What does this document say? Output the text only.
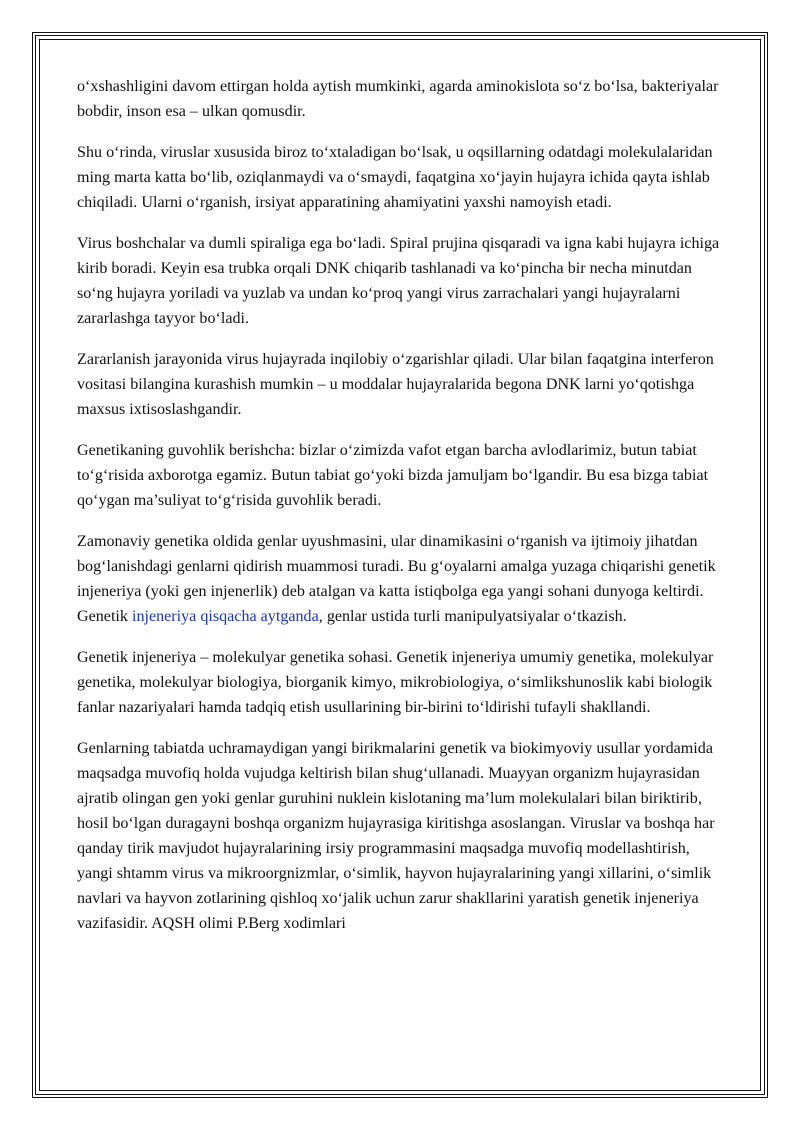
o‘xshashligini davom ettirgan holda aytish mumkinki, agarda aminokislota so‘z bo‘lsa, bakteriyalar bobdir, inson esa – ulkan qomusdir.

Shu o‘rinda, viruslar xususida biroz to‘xtaladigan bo‘lsak, u oqsillarning odatdagi molekulalaridan ming marta katta bo‘lib, oziqlanmaydi va o‘smaydi, faqatgina xo‘jayin hujayra ichida qayta ishlab chiqiladi. Ularni o‘rganish, irsiyat apparatining ahamiyatini yaxshi namoyish etadi.

Virus boshchalar va dumli spiraliga ega bo‘ladi. Spiral prujina qisqaradi va igna kabi hujayra ichiga kirib boradi. Keyin esa trubka orqali DNK chiqarib tashlanadi va ko‘pincha bir necha minutdan so‘ng hujayra yoriladi va yuzlab va undan ko‘proq yangi virus zarrachalari yangi hujayralarni zararlashga tayyor bo‘ladi.

Zararlanish jarayonida virus hujayrada inqilobiy o‘zgarishlar qiladi. Ular bilan faqatgina interferon vositasi bilangina kurashish mumkin – u moddalar hujayralarida begona DNK larni yo‘qotishga maxsus ixtisoslashgandir.

Genetikaning guvohlik berishcha: bizlar o‘zimizda vafot etgan barcha avlodlarimiz, butun tabiat to‘g‘risida axborotga egamiz. Butun tabiat go‘yoki bizda jamuljam bo‘lgandir. Bu esa bizga tabiat qo‘ygan ma’suliyat to‘g‘risida guvohlik beradi.

Zamonaviy genetika oldida genlar uyushmasini, ular dinamikasini o‘rganish va ijtimoiy jihatdan bog‘lanishdagi genlarni qidirish muammosi turadi. Bu g‘oyalarni amalga yuzaga chiqarishi genetik injeneriya (yoki gen injenerlik) deb atalgan va katta istiqbolga ega yangi sohani dunyoga keltirdi. Genetik injeneriya qisqacha aytganda, genlar ustida turli manipulyatsiyalar o‘tkazish.

Genetik injeneriya – molekulyar genetika sohasi. Genetik injeneriya umumiy genetika, molekulyar genetika, molekulyar biologiya, biorganik kimyo, mikrobiologiya, o‘simlikshunoslik kabi biologik fanlar nazariyalari hamda tadqiq etish usullarining bir-birini to‘ldirishi tufayli shakllandi.

Genlarning tabiatda uchramaydigan yangi birikmalarini genetik va biokimyoviy usullar yordamida maqsadga muvofiq holda vujudga keltirish bilan shug‘ullanadi. Muayyan organizm hujayrasidan ajratib olingan gen yoki genlar guruhini nuklein kislotaning ma’lum molekulalari bilan biriktirib, hosil bo‘lgan duragayni boshqa organizm hujayrasiga kiritishga asoslangan. Viruslar va boshqa har qanday tirik mavjudot hujayralarining irsiy programmasini maqsadga muvofiq modellashtirish, yangi shtamm virus va mikroorgnizmlar, o‘simlik, hayvon hujayralarining yangi xillarini, o‘simlik navlari va hayvon zotlarining qishloq xo‘jalik uchun zarur shakllarini yaratish genetik injeneriya vazifasidir. AQSH olimi P.Berg xodimlari
